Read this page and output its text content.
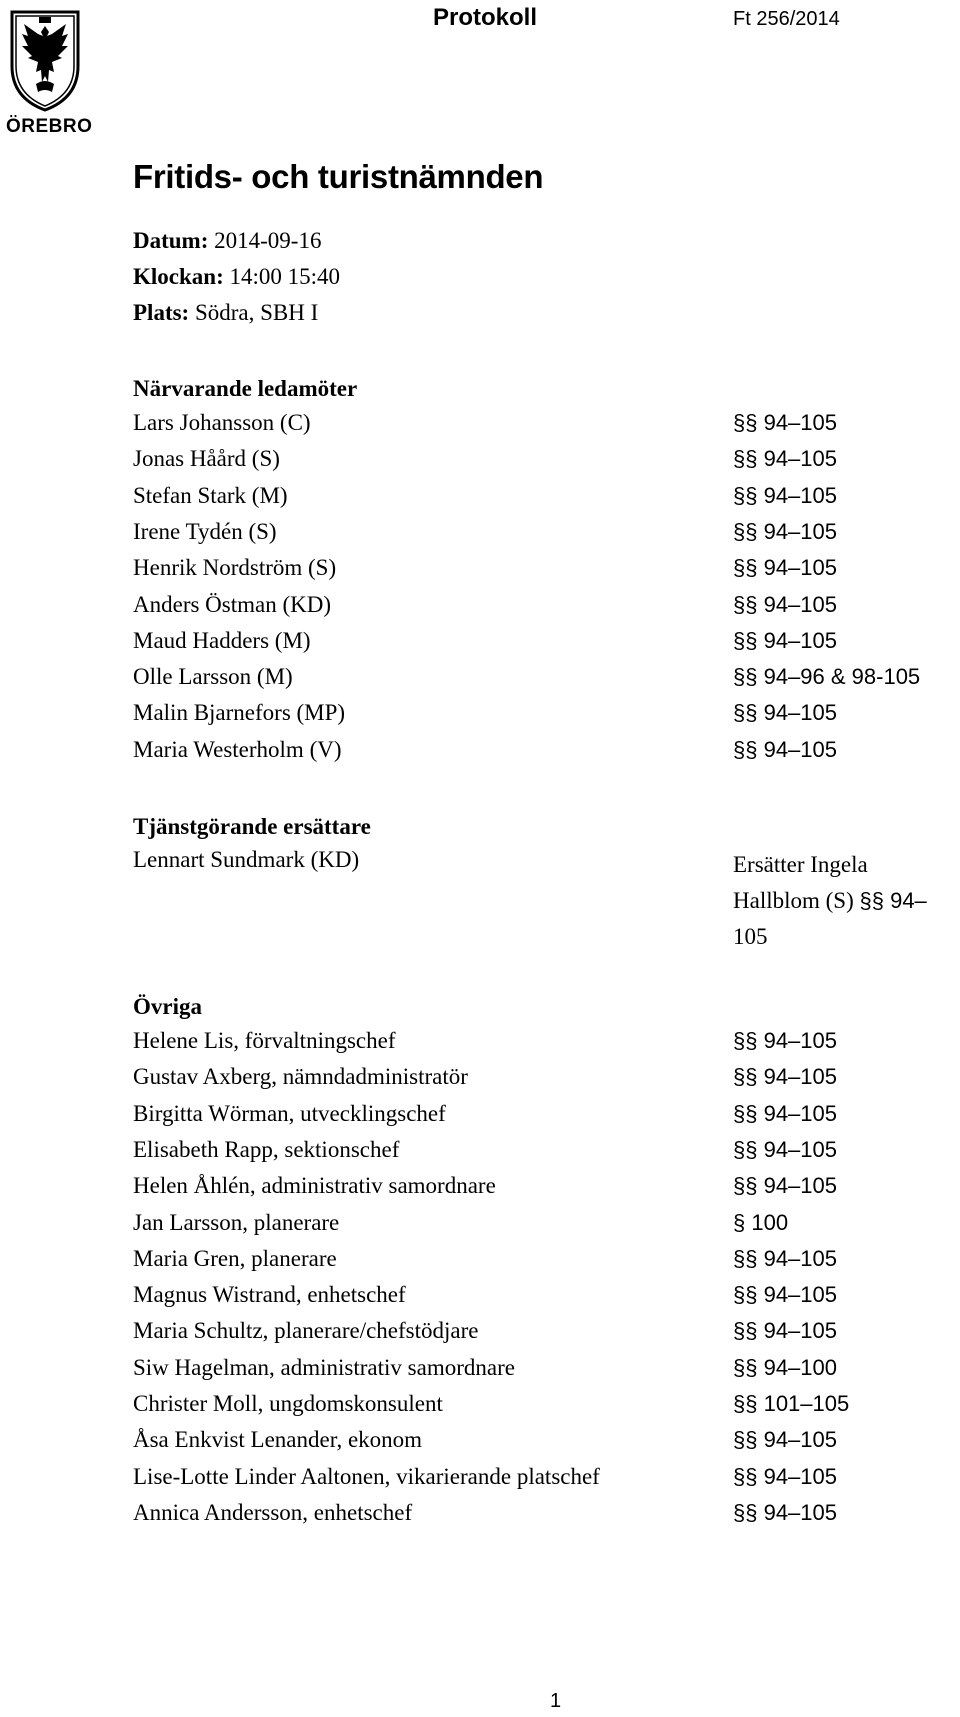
ÖREBRO
Protokoll	Ft 256/2014
Fritids- och turistnämnden
Datum: 2014-09-16
Klockan: 14:00 15:40
Plats: Södra, SBH I
Närvarande ledamöter
Lars Johansson (C)	§§ 94–105
Jonas Håård (S)	§§ 94–105
Stefan Stark (M)	§§ 94–105
Irene Tydén (S)	§§ 94–105
Henrik Nordström (S)	§§ 94–105
Anders Östman (KD)	§§ 94–105
Maud Hadders (M)	§§ 94–105
Olle Larsson (M)	§§ 94–96 & 98-105
Malin Bjarnefors (MP)	§§ 94–105
Maria Westerholm (V)	§§ 94–105
Tjänstgörande ersättare
Lennart Sundmark (KD)	Ersätter Ingela
Hallblom (S) §§ 94–
105
Övriga
Helene Lis, förvaltningschef	§§ 94–105
Gustav Axberg, nämndadministratör	§§ 94–105
Birgitta Wörman, utvecklingschef	§§ 94–105
Elisabeth Rapp, sektionschef	§§ 94–105
Helen Åhlén, administrativ samordnare	§§ 94–105
Jan Larsson, planerare	§ 100
Maria Gren, planerare	§§ 94–105
Magnus Wistrand, enhetschef	§§ 94–105
Maria Schultz, planerare/chefstödjare	§§ 94–105
Siw Hagelman, administrativ samordnare	§§ 94–100
Christer Moll, ungdomskonsulent	§§ 101–105
Åsa Enkvist Lenander, ekonom	§§ 94–105
Lise-Lotte Linder Aaltonen, vikarierande platschef	§§ 94–105
Annica Andersson, enhetschef	§§ 94–105
1
